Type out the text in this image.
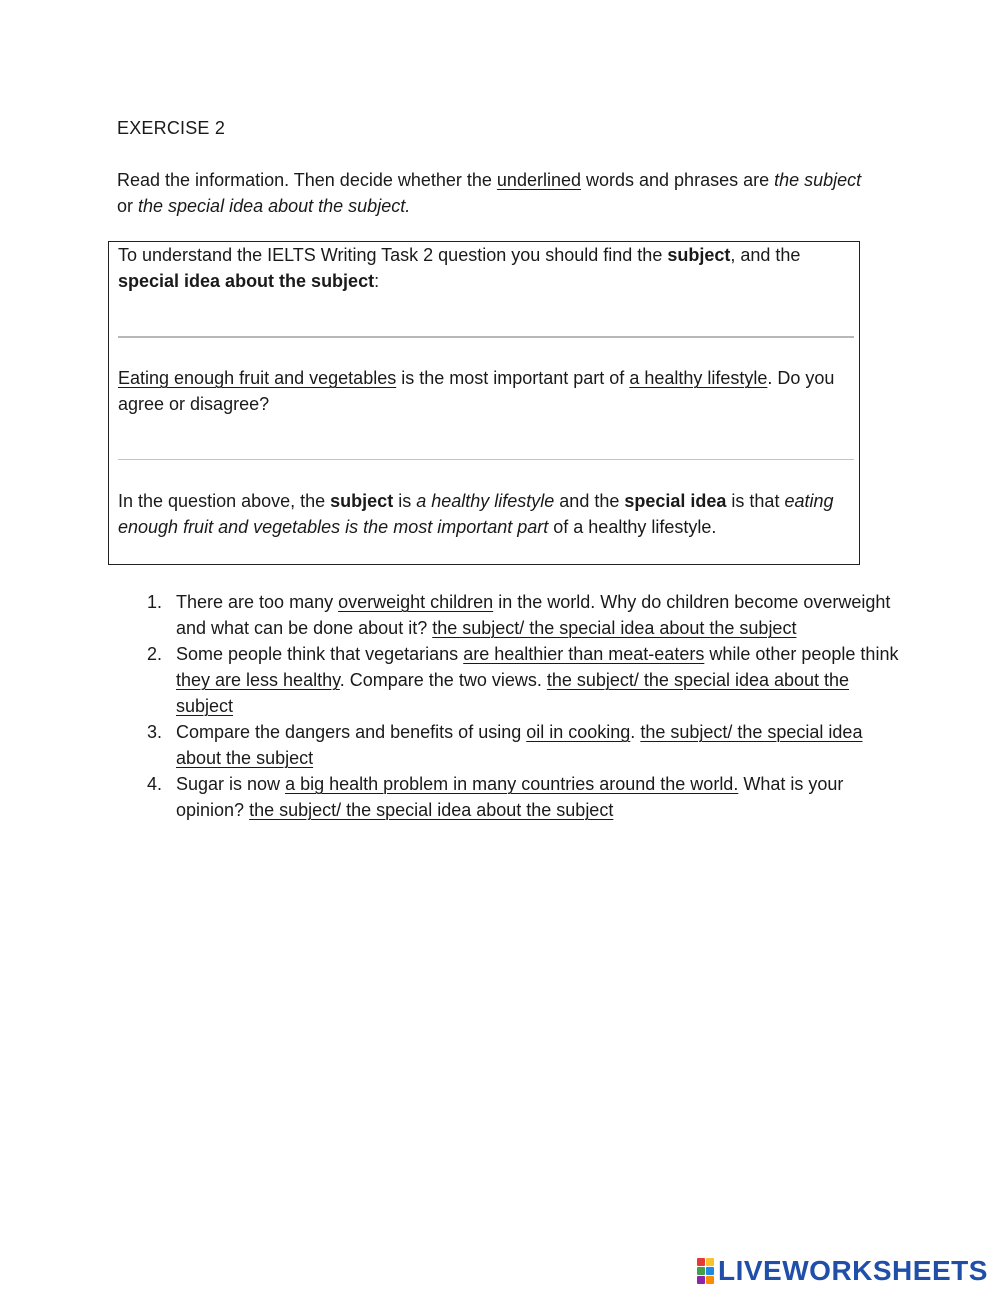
EXERCISE 2
Read the information. Then decide whether the underlined words and phrases are the subject or the special idea about the subject.
To understand the IELTS Writing Task 2 question you should find the subject, and the special idea about the subject:
Eating enough fruit and vegetables is the most important part of a healthy lifestyle. Do you agree or disagree?
In the question above, the subject is a healthy lifestyle and the special idea is that eating enough fruit and vegetables is the most important part of a healthy lifestyle.
1. There are too many overweight children in the world. Why do children become overweight and what can be done about it? the subject/ the special idea about the subject
2. Some people think that vegetarians are healthier than meat-eaters while other people think they are less healthy. Compare the two views. the subject/ the special idea about the subject
3. Compare the dangers and benefits of using oil in cooking. the subject/ the special idea about the subject
4. Sugar is now a big health problem in many countries around the world. What is your opinion? the subject/ the special idea about the subject
LIVEWORKSHEETS
